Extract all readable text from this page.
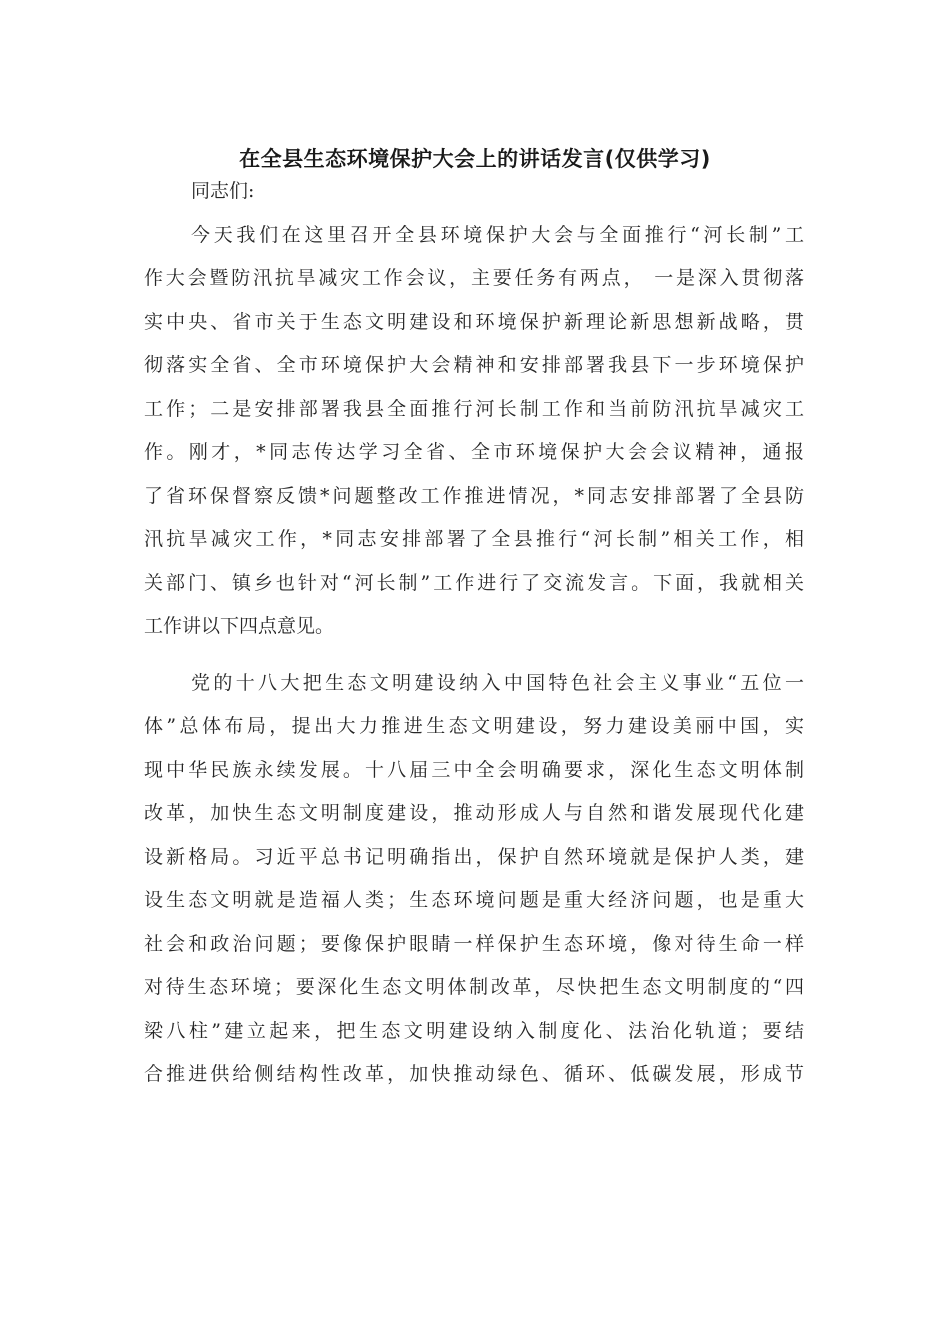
在全县生态环境保护大会上的讲话发言(仅供学习)
同志们:
今天我们在这里召开全县环境保护大会与全面推行“河长制”工
作大会暨防汛抗旱减灾工作会议，主要任务有两点， 一是深入贯彻落
实中央、省市关于生态文明建设和环境保护新理论新思想新战略，贯
彻落实全省、全市环境保护大会精神和安排部署我县下一步环境保护
工作；二是安排部署我县全面推行河长制工作和当前防汛抗旱减灾工
作。刚才，*同志传达学习全省、全市环境保护大会会议精神，通报
了省环保督察反馈*问题整改工作推进情况，*同志安排部署了全县防
汛抗旱减灾工作，*同志安排部署了全县推行“河长制”相关工作，相
关部门、镇乡也针对“河长制”工作进行了交流发言。下面，我就相关
工作讲以下四点意见。
党的十八大把生态文明建设纳入中国特色社会主义事业“五位一
体”总体布局，提出大力推进生态文明建设，努力建设美丽中国，实
现中华民族永续发展。十八届三中全会明确要求，深化生态文明体制
改革，加快生态文明制度建设，推动形成人与自然和谐发展现代化建
设新格局。习近平总书记明确指出，保护自然环境就是保护人类，建
设生态文明就是造福人类；生态环境问题是重大经济问题，也是重大
社会和政治问题；要像保护眼睛一样保护生态环境，像对待生命一样
对待生态环境；要深化生态文明体制改革，尽快把生态文明制度的“四
梁八柱”建立起来，把生态文明建设纳入制度化、法治化轨道；要结
合推进供给侧结构性改革，加快推动绿色、循环、低碳发展，形成节
